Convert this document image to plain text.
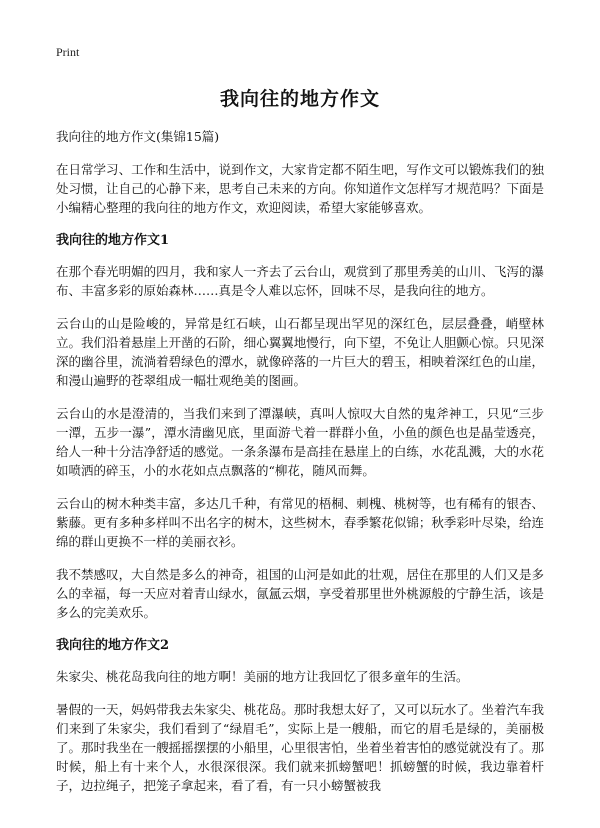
Print
我向往的地方作文
我向往的地方作文(集锦15篇)

在日常学习、工作和生活中，说到作文，大家肯定都不陌生吧，写作文可以锻炼我们的独处习惯，让自己的心静下来，思考自己未来的方向。你知道作文怎样写才规范吗？下面是小编精心整理的我向往的地方作文，欢迎阅读，希望大家能够喜欢。

我向往的地方作文1

在那个春光明媚的四月，我和家人一齐去了云台山，观赏到了那里秀美的山川、飞泻的瀑布、丰富多彩的原始森林……真是令人难以忘怀，回味不尽，是我向往的地方。

云台山的山是险峻的，异常是红石峡，山石都呈现出罕见的深红色，层层叠叠，峭壁林立。我们沿着悬崖上开凿的石阶，细心翼翼地慢行，向下望，不免让人胆颤心惊。只见深深的幽谷里，流淌着碧绿色的潭水，就像碎落的一片巨大的碧玉，相映着深红色的山崖，和漫山遍野的苍翠组成一幅壮观绝美的图画。

云台山的水是澄清的，当我们来到了潭瀑峡，真叫人惊叹大自然的鬼斧神工，只见“三步一潭，五步一瀑”，潭水清幽见底，里面游弋着一群群小鱼，小鱼的颜色也是晶莹透亮，给人一种十分洁净舒适的感觉。一条条瀑布是高挂在悬崖上的白练，水花乱溅，大的水花如喷洒的碎玉，小的水花如点点飘落的“柳花，随风而舞。

云台山的树木种类丰富，多达几千种，有常见的梧桐、刺槐、桃树等，也有稀有的银杏、紫藤。更有多种多样叫不出名字的树木，这些树木，春季繁花似锦；秋季彩叶尽染，给连绵的群山更换不一样的美丽衣衫。

我不禁感叹，大自然是多么的神奇，祖国的山河是如此的壮观，居住在那里的人们又是多么的幸福，每一天应对着青山绿水，氤氲云烟，享受着那里世外桃源般的宁静生活，该是多么的完美欢乐。

我向往的地方作文2

朱家尖、桃花岛我向往的地方啊！美丽的地方让我回忆了很多童年的生活。

暑假的一天，妈妈带我去朱家尖、桃花岛。那时我想太好了，又可以玩水了。坐着汽车我们来到了朱家尖，我们看到了“绿眉毛”，实际上是一艘船，而它的眉毛是绿的，美丽极了。那时我坐在一艘摇摇摆摆的小船里，心里很害怕，坐着坐着害怕的感觉就没有了。那时候，船上有十来个人，水很深很深。我们就来抓螃蟹吧！抓螃蟹的时候，我边靠着杆子，边拉绳子，把笼子拿起来，看了看，有一只小螃蟹被我
